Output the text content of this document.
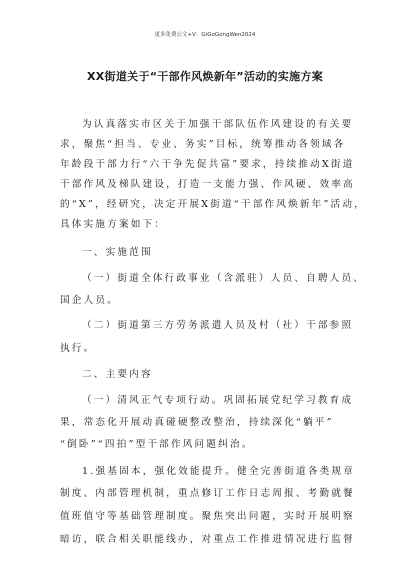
更多免费公文+V：GiGoGongWen2024
XX街道关于“干部作风焕新年”活动的实施方案
为认真落实市区关于加强干部队伍作风建设的有关要
求，聚焦“担当、专业、务实”目标，统筹推动各领域各
年龄段干部力行“六干争先促共富”要求，持续推动X街道
干部作风及梯队建设，打造一支能力强、作风硬、效率高
的“X”，经研究，决定开展X街道“干部作风焕新年”活动，
具体实施方案如下：
一、实施范围
（一）街道全体行政事业（含派驻）人员、自聘人员、
国企人员。
（二）街道第三方劳务派遣人员及村（社）干部参照
执行。
二、主要内容
（一）清风正气专项行动。巩固拓展党纪学习教育成
果，常态化开展动真碰硬整改整治，持续深化“躺平”
“倒卧”“四拍”型干部作风问题纠治。
1.强基固本，强化效能提升。健全完善街道各类规章
制度、内部管理机制，重点修订工作日志周报、考勤就餐
值班值守等基础管理制度。聚焦突出问题，实时开展明察
暗访，联合相关职能线办，对重点工作推进情况进行监督
